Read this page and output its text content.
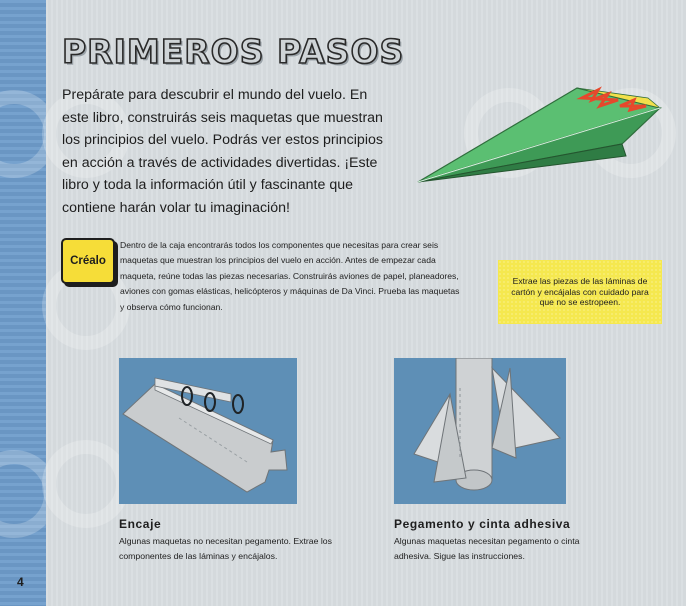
PRIMEROS PASOS

Prepárate para descubrir el mundo del vuelo. En este libro, construirás seis maquetas que muestran los principios del vuelo. Podrás ver estos principios en acción a través de actividades divertidas. ¡Este libro y toda la información útil y fascinante que contiene harán volar tu imaginación!

Créalo

Dentro de la caja encontrarás todos los componentes que necesitas para crear seis maquetas que muestran los principios del vuelo en acción. Antes de empezar cada maqueta, reúne todas las piezas necesarias. Construirás aviones de papel, planeadores, aviones con gomas elásticas, helicópteros y máquinas de Da Vinci. Prueba las maquetas y observa cómo funcionan.

Extrae las piezas de las láminas de cartón y encájalas con cuidado para que no se estropeen.
Encaje

Algunas maquetas no necesitan pegamento. Extrae los componentes de las láminas y encájalos.

Pegamento y cinta adhesiva

Algunas maquetas necesitan pegamento o cinta adhesiva. Sigue las instrucciones.

4
